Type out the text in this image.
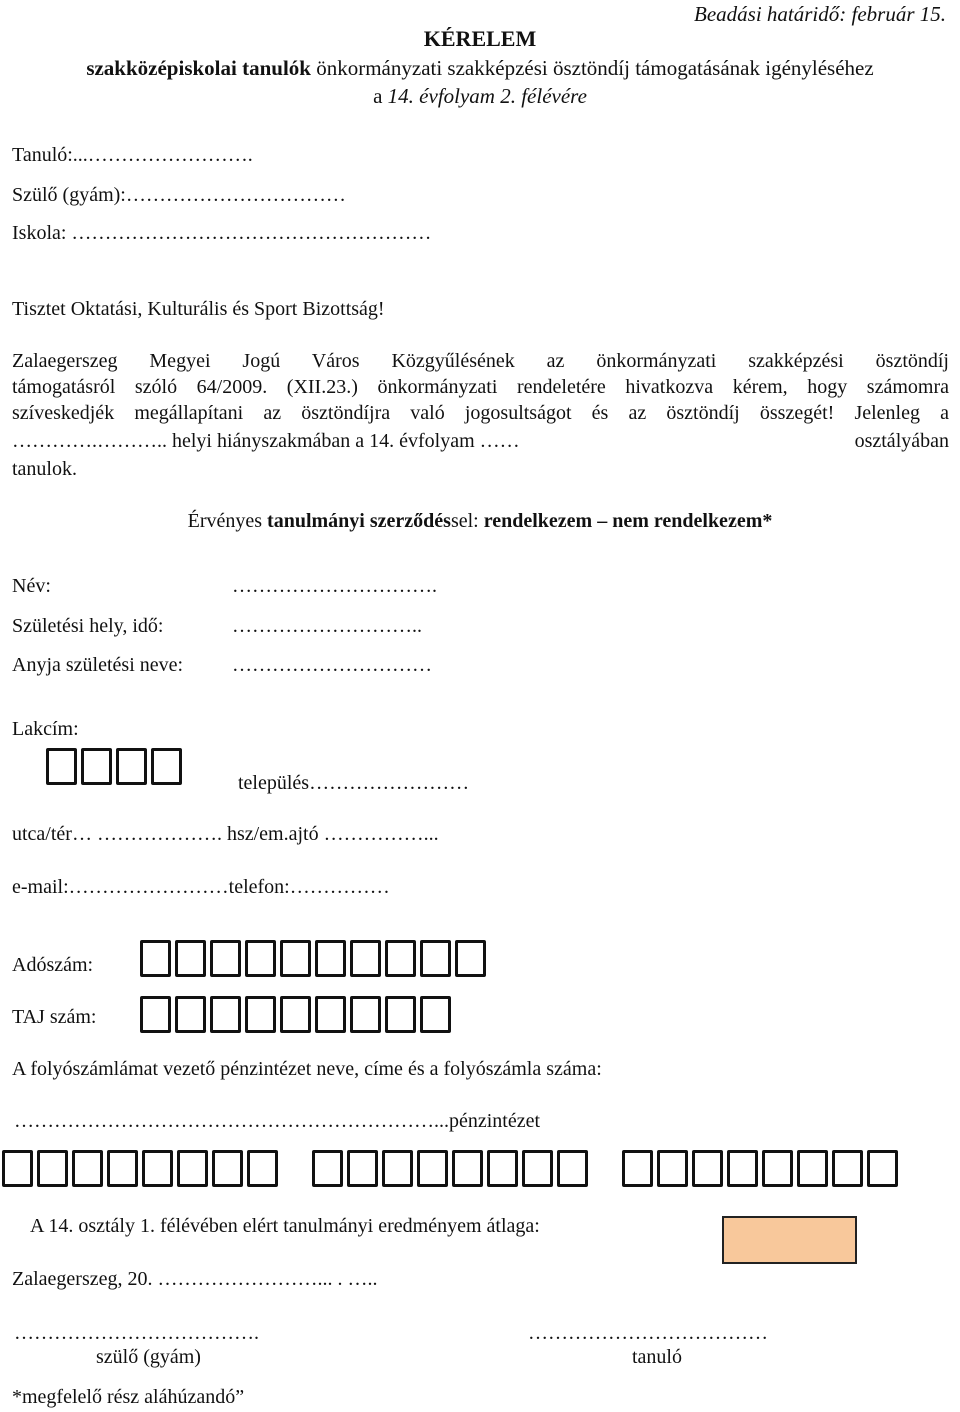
Beadási határidő: február 15.
KÉRELEM
szakközépiskolai tanulók önkormányzati szakképzési ösztöndíj támogatásának igényléséhez
a 14. évfolyam 2. félévére
Tanuló:...…………………….
Szülő (gyám):……………………………
Iskola: ………………………………………………
Tisztet Oktatási, Kulturális és Sport Bizottság!
Zalaegerszeg Megyei Jogú Város Közgyűlésének az önkormányzati szakképzési ösztöndíj
támogatásról szóló 64/2009. (XII.23.) önkormányzati rendeletére hivatkozva kérem, hogy számomra
szíveskedjék megállapítani az ösztöndíjra való jogosultságot és az ösztöndíj összegét! Jelenleg a
………….……….. helyi hiányszakmában a 14. évfolyam ……	osztályában
tanulok.
Érvényes tanulmányi szerződéssel: rendelkezem – nem rendelkezem*
Név:	………………………….
Születési hely, idő:	………………………..
Anyja születési neve: …………………………
Lakcím:
település……………………
utca/tér… ………………. hsz/em.ajtó ……………...
e-mail:……………………telefon:……………
Adószám:
TAJ szám:
A folyószámlámat vezető pénzintézet neve, címe és a folyószámla száma:
………………………………………………………...pénzintézet
A 14. osztály 1. félévében elért tanulmányi eredményem átlaga:
Zalaegerszeg, 20. ……………………... . …..
……………………………….
szülő (gyám)
………………………………
tanuló
*megfelelő rész aláhúzandó”
